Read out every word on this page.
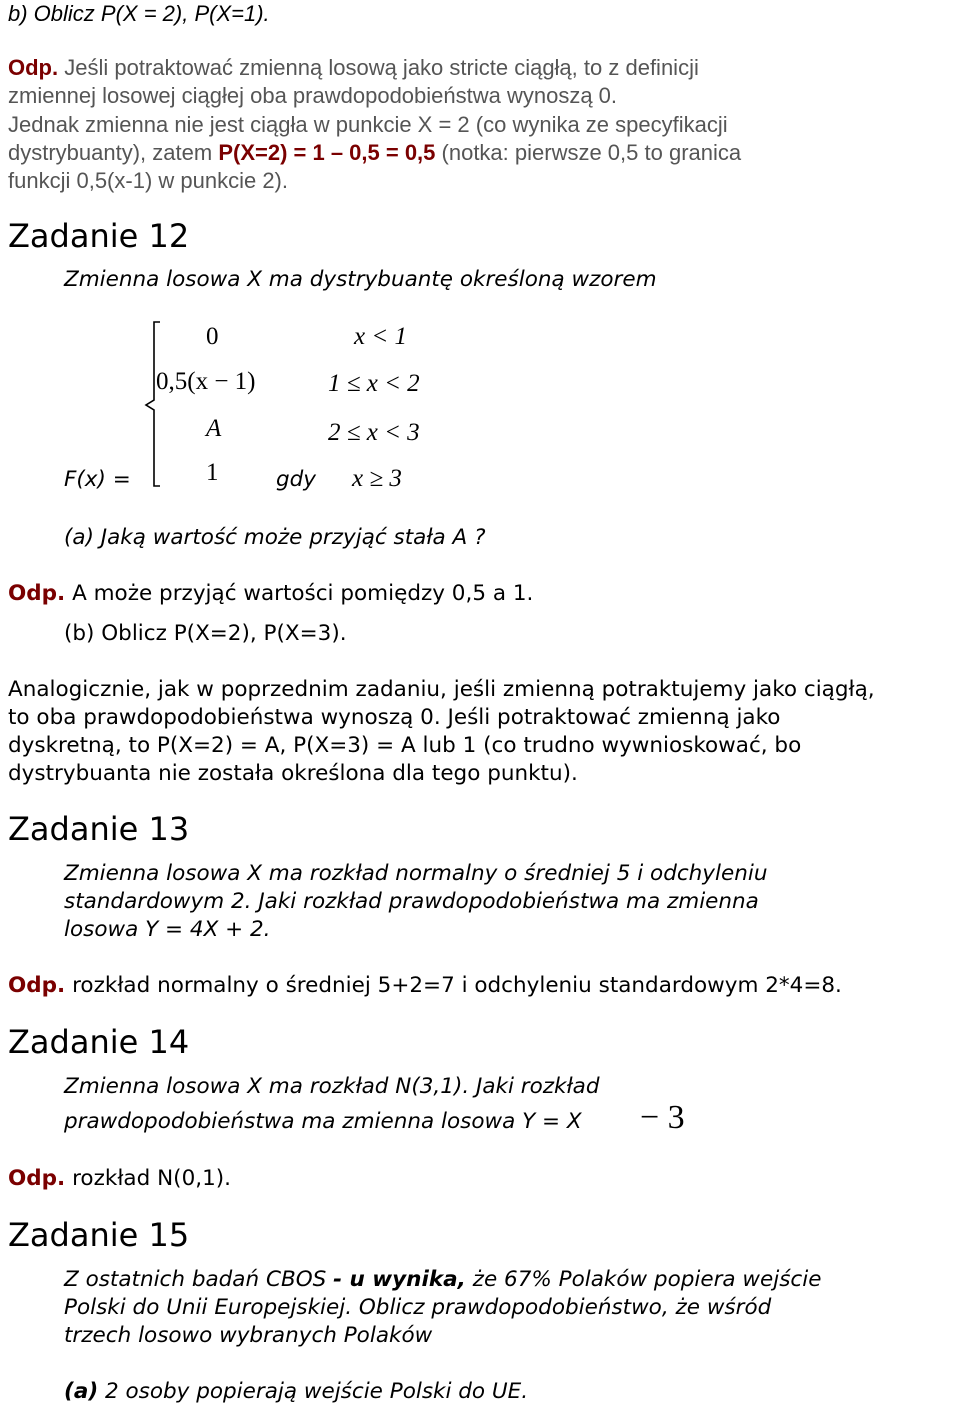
b) Oblicz P(X = 2), P(X=1).
Odp. Jeśli potraktować zmienną losową jako stricte ciągłą, to z definicji
zmiennej losowej ciągłej oba prawdopodobieństwa wynoszą 0.
Jednak zmienna nie jest ciągła w punkcie X = 2 (co wynika ze specyfikacji
dystrybuanty), zatem P(X=2) = 1 – 0,5 = 0,5 (notka: pierwsze 0,5 to granica
funkcji 0,5(x-1) w punkcie 2).
Zadanie 12
Zmienna losowa X ma dystrybuantę określoną wzorem
0	x < 1
0,5(x − 1)	1 ≤ x < 2
A	2 ≤ x < 3
1	x ≥ 3
F(x) =	gdy
(a) Jaką wartość może przyjąć stała A ?
Odp. A może przyjąć wartości pomiędzy 0,5 a 1.
(b) Oblicz P(X=2), P(X=3).
Analogicznie, jak w poprzednim zadaniu, jeśli zmienną potraktujemy jako ciągłą,
to oba prawdopodobieństwa wynoszą 0. Jeśli potraktować zmienną jako
dyskretną, to P(X=2) = A, P(X=3) = A lub 1 (co trudno wywnioskować, bo
dystrybuanta nie została określona dla tego punktu).
Zadanie 13
Zmienna losowa X ma rozkład normalny o średniej 5 i odchyleniu
standardowym 2. Jaki rozkład prawdopodobieństwa ma zmienna
losowa Y = 4X + 2.
Odp. rozkład normalny o średniej 5+2=7 i odchyleniu standardowym 2*4=8.
Zadanie 14
Zmienna losowa X ma rozkład N(3,1). Jaki rozkład
prawdopodobieństwa ma zmienna losowa Y = X − 3
Odp. rozkład N(0,1).
Zadanie 15
Z ostatnich badań CBOS - u wynika, że 67% Polaków popiera wejście
Polski do Unii Europejskiej. Oblicz prawdopodobieństwo, że wśród
trzech losowo wybranych Polaków
(a) 2 osoby popierają wejście Polski do UE.
